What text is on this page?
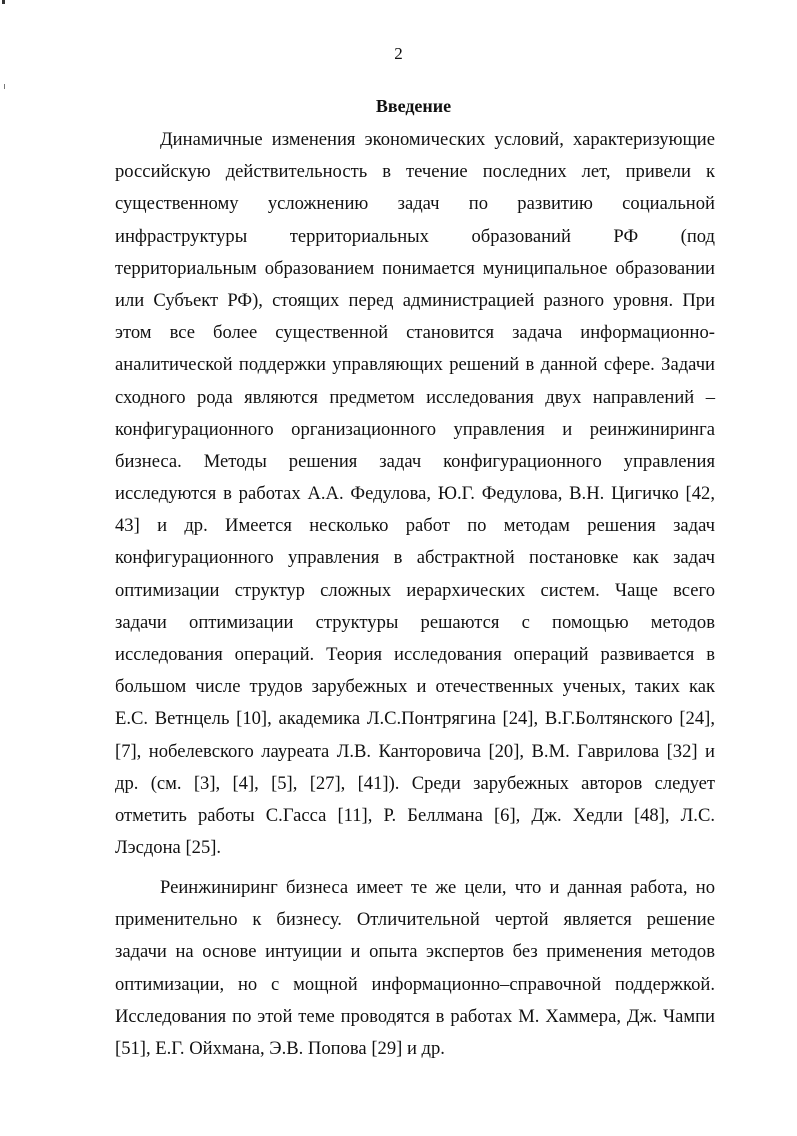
2
Введение
Динамичные изменения экономических условий, характеризующие
российскую действительность в течение последних лет, привели к
существенному усложнению задач по развитию социальной
инфраструктуры территориальных образований РФ (под
территориальным образованием понимается муниципальное образовании
или Субъект РФ), стоящих перед администрацией разного уровня. При
этом все более существенной становится задача информационно-
аналитической поддержки управляющих решений в данной сфере. Задачи
сходного рода являются предметом исследования двух направлений –
конфигурационного организационного управления и реинжиниринга
бизнеса. Методы решения задач конфигурационного управления
исследуются в работах А.А. Федулова, Ю.Г. Федулова, В.Н. Цигичко [42,
43] и др. Имеется несколько работ по методам решения задач
конфигурационного управления в абстрактной постановке как задач
оптимизации структур сложных иерархических систем. Чаще всего
задачи оптимизации структуры решаются с помощью методов
исследования операций. Теория исследования операций развивается в
большом числе трудов зарубежных и отечественных ученых, таких как
Е.С. Ветнцель [10], академика Л.С.Понтрягина [24], В.Г.Болтянского [24],
[7], нобелевского лауреата Л.В. Канторовича [20], В.М. Гаврилова [32] и
др. (см. [3], [4], [5], [27], [41]). Среди зарубежных авторов следует
отметить работы С.Гасса [11], Р. Беллмана [6], Дж. Хедли [48], Л.С.
Лэсдона [25].
Реинжиниринг бизнеса имеет те же цели, что и данная работа, но
применительно к бизнесу. Отличительной чертой является решение
задачи на основе интуиции и опыта экспертов без применения методов
оптимизации, но с мощной информационно–справочной поддержкой.
Исследования по этой теме проводятся в работах М. Хаммера, Дж. Чампи
[51], Е.Г. Ойхмана, Э.В. Попова [29] и др.
